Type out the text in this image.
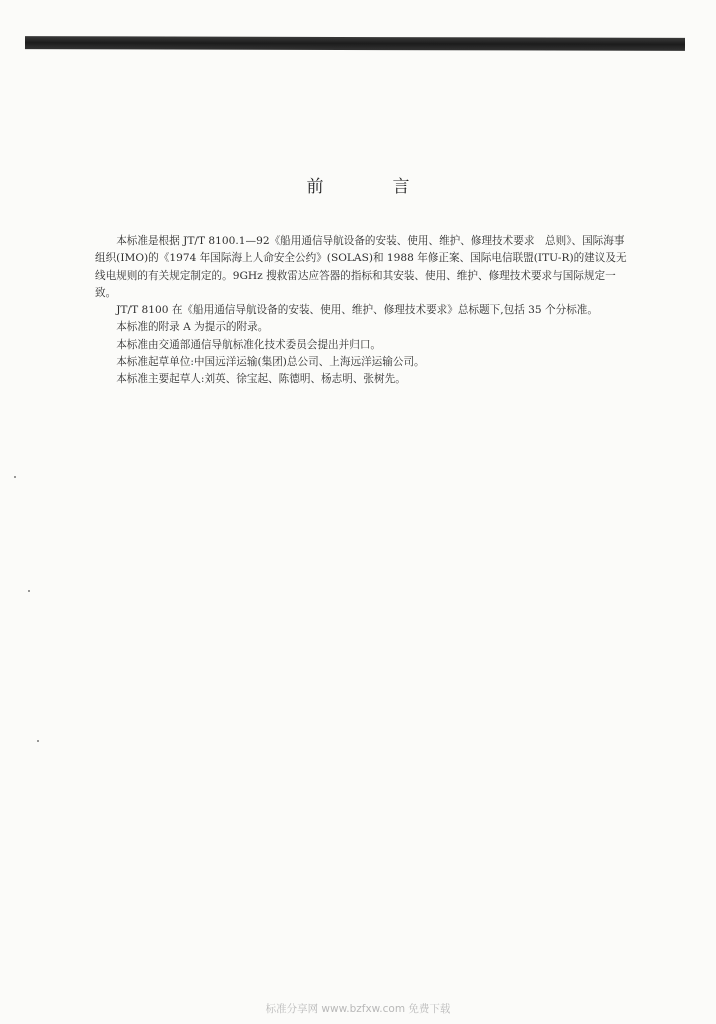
前　言

本标准是根据 JT/T 8100.1—92《船用通信导航设备的安装、使用、维护、修理技术要求　总则》、国际海事组织(IMO)的《1974 年国际海上人命安全公约》(SOLAS)和 1988 年修正案、国际电信联盟(ITU-R)的建议及无线电规则的有关规定制定的。9GHz 搜救雷达应答器的指标和其安装、使用、维护、修理技术要求与国际规定一致。

JT/T 8100 在《船用通信导航设备的安装、使用、维护、修理技术要求》总标题下,包括 35 个分标准。

本标准的附录 A 为提示的附录。

本标准由交通部通信导航标准化技术委员会提出并归口。

本标准起草单位:中国远洋运输(集团)总公司、上海远洋运输公司。

本标准主要起草人:刘英、徐宝起、陈德明、杨志明、张树先。

标准分享网 www.bzfxw.com 免费下载
